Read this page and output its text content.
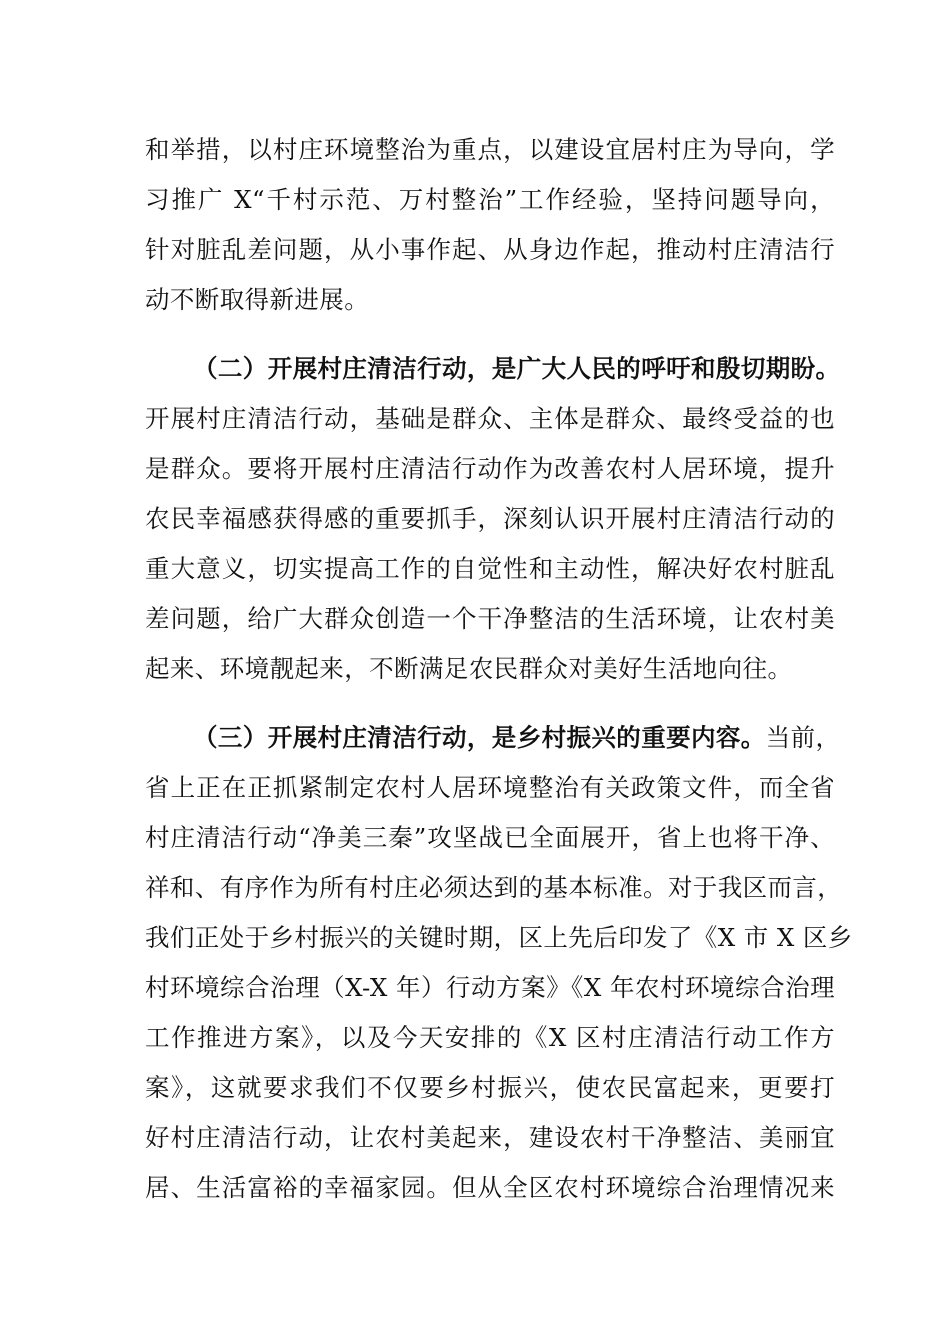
和举措，以村庄环境整治为重点，以建设宜居村庄为导向，学
习推广 X“千村示范、万村整治”工作经验，坚持问题导向，
针对脏乱差问题，从小事作起、从身边作起，推动村庄清洁行
动不断取得新进展。
（二）开展村庄清洁行动，是广大人民的呼吁和殷切期盼。
开展村庄清洁行动，基础是群众、主体是群众、最终受益的也
是群众。要将开展村庄清洁行动作为改善农村人居环境，提升
农民幸福感获得感的重要抓手，深刻认识开展村庄清洁行动的
重大意义，切实提高工作的自觉性和主动性，解决好农村脏乱
差问题，给广大群众创造一个干净整洁的生活环境，让农村美
起来、环境靓起来，不断满足农民群众对美好生活地向往。
（三）开展村庄清洁行动，是乡村振兴的重要内容。当前，
省上正在正抓紧制定农村人居环境整治有关政策文件，而全省
村庄清洁行动“净美三秦”攻坚战已全面展开，省上也将干净、
祥和、有序作为所有村庄必须达到的基本标准。对于我区而言，
我们正处于乡村振兴的关键时期，区上先后印发了《X 市 X 区乡
村环境综合治理（X-X 年）行动方案》《X 年农村环境综合治理
工作推进方案》，以及今天安排的《X 区村庄清洁行动工作方
案》，这就要求我们不仅要乡村振兴，使农民富起来，更要打
好村庄清洁行动，让农村美起来，建设农村干净整洁、美丽宜
居、生活富裕的幸福家园。但从全区农村环境综合治理情况来
